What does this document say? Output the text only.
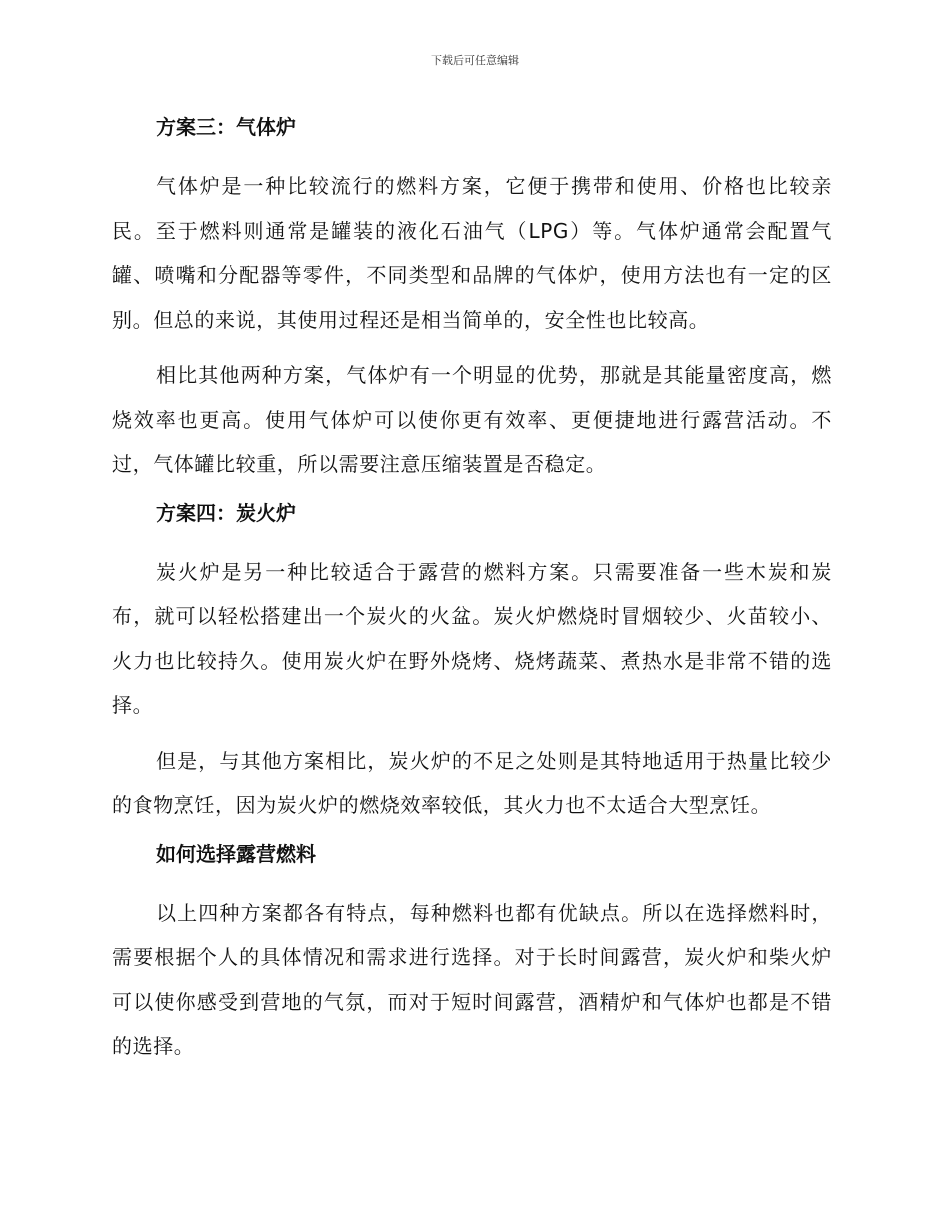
下载后可任意编辑
方案三：气体炉

气体炉是一种比较流行的燃料方案，它便于携带和使用、价格也比较亲民。至于燃料则通常是罐装的液化石油气（LPG）等。气体炉通常会配置气罐、喷嘴和分配器等零件，不同类型和品牌的气体炉，使用方法也有一定的区别。但总的来说，其使用过程还是相当简单的，安全性也比较高。

相比其他两种方案，气体炉有一个明显的优势，那就是其能量密度高，燃烧效率也更高。使用气体炉可以使你更有效率、更便捷地进行露营活动。不过，气体罐比较重，所以需要注意压缩装置是否稳定。

方案四：炭火炉

炭火炉是另一种比较适合于露营的燃料方案。只需要准备一些木炭和炭布，就可以轻松搭建出一个炭火的火盆。炭火炉燃烧时冒烟较少、火苗较小、火力也比较持久。使用炭火炉在野外烧烤、烧烤蔬菜、煮热水是非常不错的选择。

但是，与其他方案相比，炭火炉的不足之处则是其特地适用于热量比较少的食物烹饪，因为炭火炉的燃烧效率较低，其火力也不太适合大型烹饪。

如何选择露营燃料

以上四种方案都各有特点，每种燃料也都有优缺点。所以在选择燃料时，需要根据个人的具体情况和需求进行选择。对于长时间露营，炭火炉和柴火炉可以使你感受到营地的气氛，而对于短时间露营，酒精炉和气体炉也都是不错的选择。
